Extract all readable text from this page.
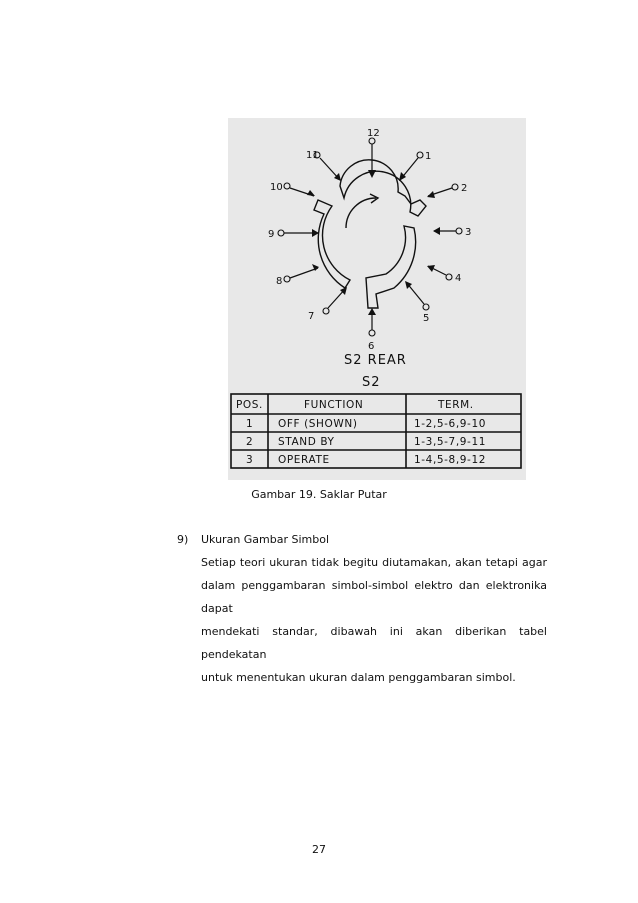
12
1
2
3
4
5
6
7
8
9
10
11
S2 REAR
S2
POS.	FUNCTION	TERM.
1 OFF (SHOWN)	1-2,5-6,9-10
2 STAND BY	1-3,5-7,9-11
3 OPERATE	1-4,5-8,9-12
Gambar 19. Saklar Putar
9)	Ukuran Gambar Simbol
Setiap teori ukuran tidak begitu diutamakan, akan tetapi agar
dalam penggambaran simbol-simbol elektro dan elektronika dapat
mendekati standar, dibawah ini akan diberikan tabel pendekatan
untuk menentukan ukuran dalam penggambaran simbol.
27
